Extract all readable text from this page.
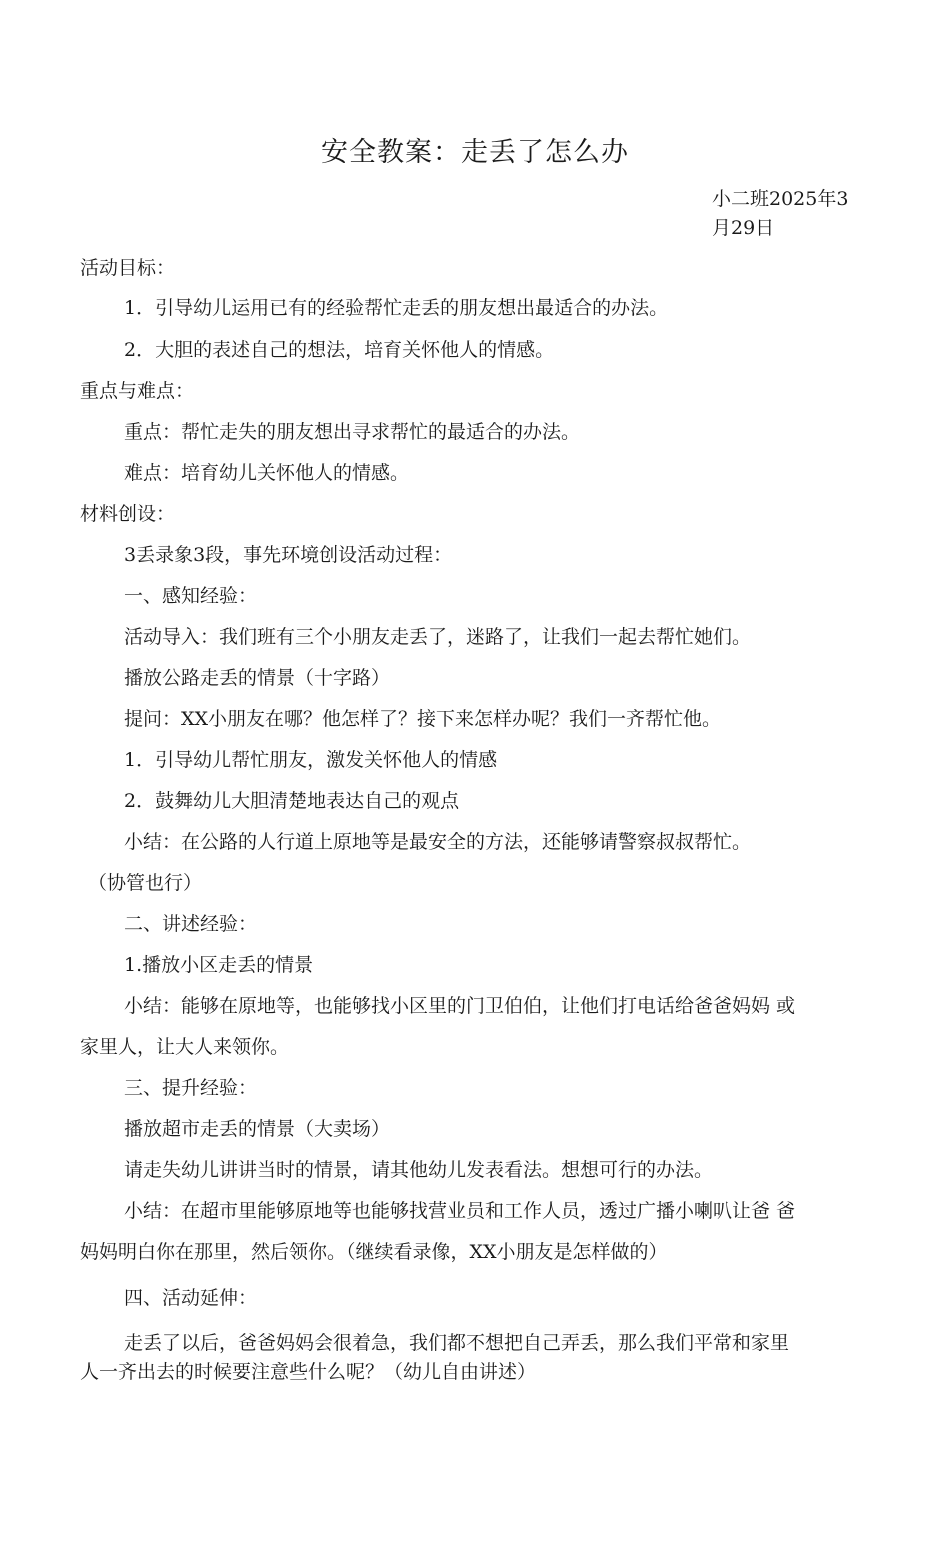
安全教案：走丢了怎么办
小二班2025年3
月29日
活动目标：
1．引导幼儿运用已有的经验帮忙走丢的朋友想出最适合的办法。
2．大胆的表述自己的想法，培育关怀他人的情感。
重点与难点：
重点：帮忙走失的朋友想出寻求帮忙的最适合的办法。
难点：培育幼儿关怀他人的情感。
材料创设：
3丢录象3段，事先环境创设活动过程：
一、感知经验：
活动导入：我们班有三个小朋友走丢了，迷路了，让我们一起去帮忙她们。
播放公路走丢的情景（十字路）
提问：XX小朋友在哪？他怎样了？接下来怎样办呢？我们一齐帮忙他。
1．引导幼儿帮忙朋友，激发关怀他人的情感
2．鼓舞幼儿大胆清楚地表达自己的观点
小结：在公路的人行道上原地等是最安全的方法，还能够请警察叔叔帮忙。
（协管也行）
二、讲述经验：
1.播放小区走丢的情景
小结：能够在原地等，也能够找小区里的门卫伯伯，让他们打电话给爸爸妈妈 或
家里人，让大人来领你。
三、提升经验：
播放超市走丢的情景（大卖场）
请走失幼儿讲讲当时的情景，请其他幼儿发表看法。想想可行的办法。
小结：在超市里能够原地等也能够找营业员和工作人员，透过广播小喇叭让爸 爸
妈妈明白你在那里，然后领你。（继续看录像，XX小朋友是怎样做的）
四、活动延伸：
走丢了以后，爸爸妈妈会很着急，我们都不想把自己弄丢，那么我们平常和家里
人一齐出去的时候要注意些什么呢？（幼儿自由讲述）
